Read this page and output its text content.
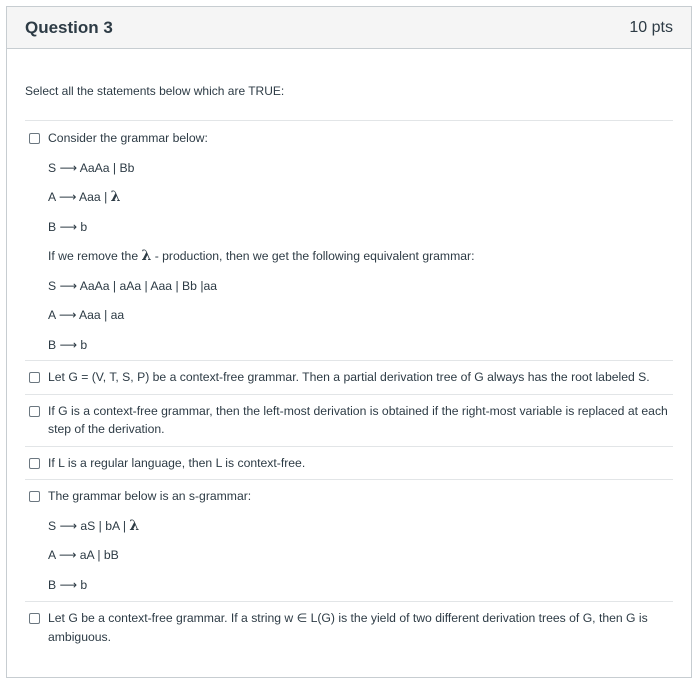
Question 3	10 pts
Select all the statements below which are TRUE:

Consider the grammar below:

S ⟶ AaAa | Bb

A ⟶ Aaa | λ

B ⟶ b

If we remove the λ - production, then we get the following equivalent grammar:

S ⟶ AaAa | aAa | Aaa | Bb |aa

A ⟶ Aaa | aa

B ⟶ b

Let G = (V, T, S, P) be a context-free grammar. Then a partial derivation tree of G always has the root labeled S.

If G is a context-free grammar, then the left-most derivation is obtained if the right-most variable is replaced at each step of the derivation.

If L is a regular language, then L is context-free.

The grammar below is an s-grammar:

S ⟶ aS | bA | λ

A ⟶ aA | bB

B ⟶ b

Let G be a context-free grammar. If a string w ∈ L(G) is the yield of two different derivation trees of G, then G is ambiguous.
